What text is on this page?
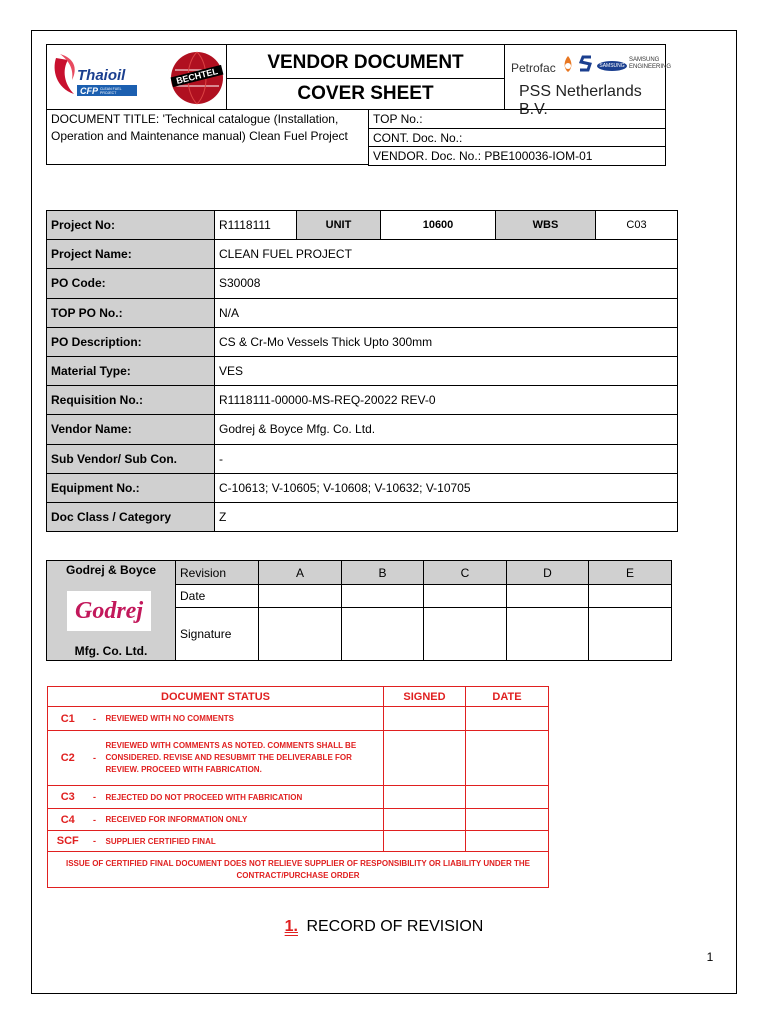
Thaioil
CFP CLEAN FUEL PROJECT
BECHTEL
VENDOR DOCUMENT
COVER SHEET
Petrofac	SAMSUNG
SAMSUNG ENGINEERING
PSS Netherlands B.V.
DOCUMENT TITLE: 'Technical catalogue (Installation, Operation and Maintenance manual) Clean Fuel Project
TOP No.:
CONT. Doc. No.:
VENDOR. Doc. No.: PBE100036-IOM-01
Project No:	R1118111	UNIT	10600	WBS	C03
Project Name:	CLEAN FUEL PROJECT				
PO Code:	S30008				
TOP PO No.:	N/A				
PO Description:	CS & Cr-Mo Vessels Thick Upto 300mm				
Material Type:	VES				
Requisition No.:	R1118111-00000-MS-REQ-20022 REV-0				
Vendor Name:	Godrej & Boyce Mfg. Co. Ltd.				
Sub Vendor/ Sub Con.	-				
Equipment No.:	C-10613; V-10605; V-10608; V-10632; V-10705				
Doc Class / Category	Z				
Godrej & Boyce
Godrej
Mfg. Co. Ltd.	Revision	A	B	C	D	E
	Date					
	Signature					
DOCUMENT STATUS			SIGNED	DATE
C1	-	REVIEWED WITH NO COMMENTS		
C2	-	REVIEWED WITH COMMENTS AS NOTED. COMMENTS SHALL BE CONSIDERED. REVISE AND RESUBMIT THE DELIVERABLE FOR REVIEW. PROCEED WITH FABRICATION.		
C3	-	REJECTED DO NOT PROCEED WITH FABRICATION		
C4	-	RECEIVED FOR INFORMATION ONLY		
SCF	-	SUPPLIER CERTIFIED FINAL		
ISSUE OF CERTIFIED FINAL DOCUMENT DOES NOT RELIEVE SUPPLIER OF RESPONSIBILITY OR LIABILITY UNDER THE CONTRACT/PURCHASE ORDER				
1. RECORD OF REVISION
1
